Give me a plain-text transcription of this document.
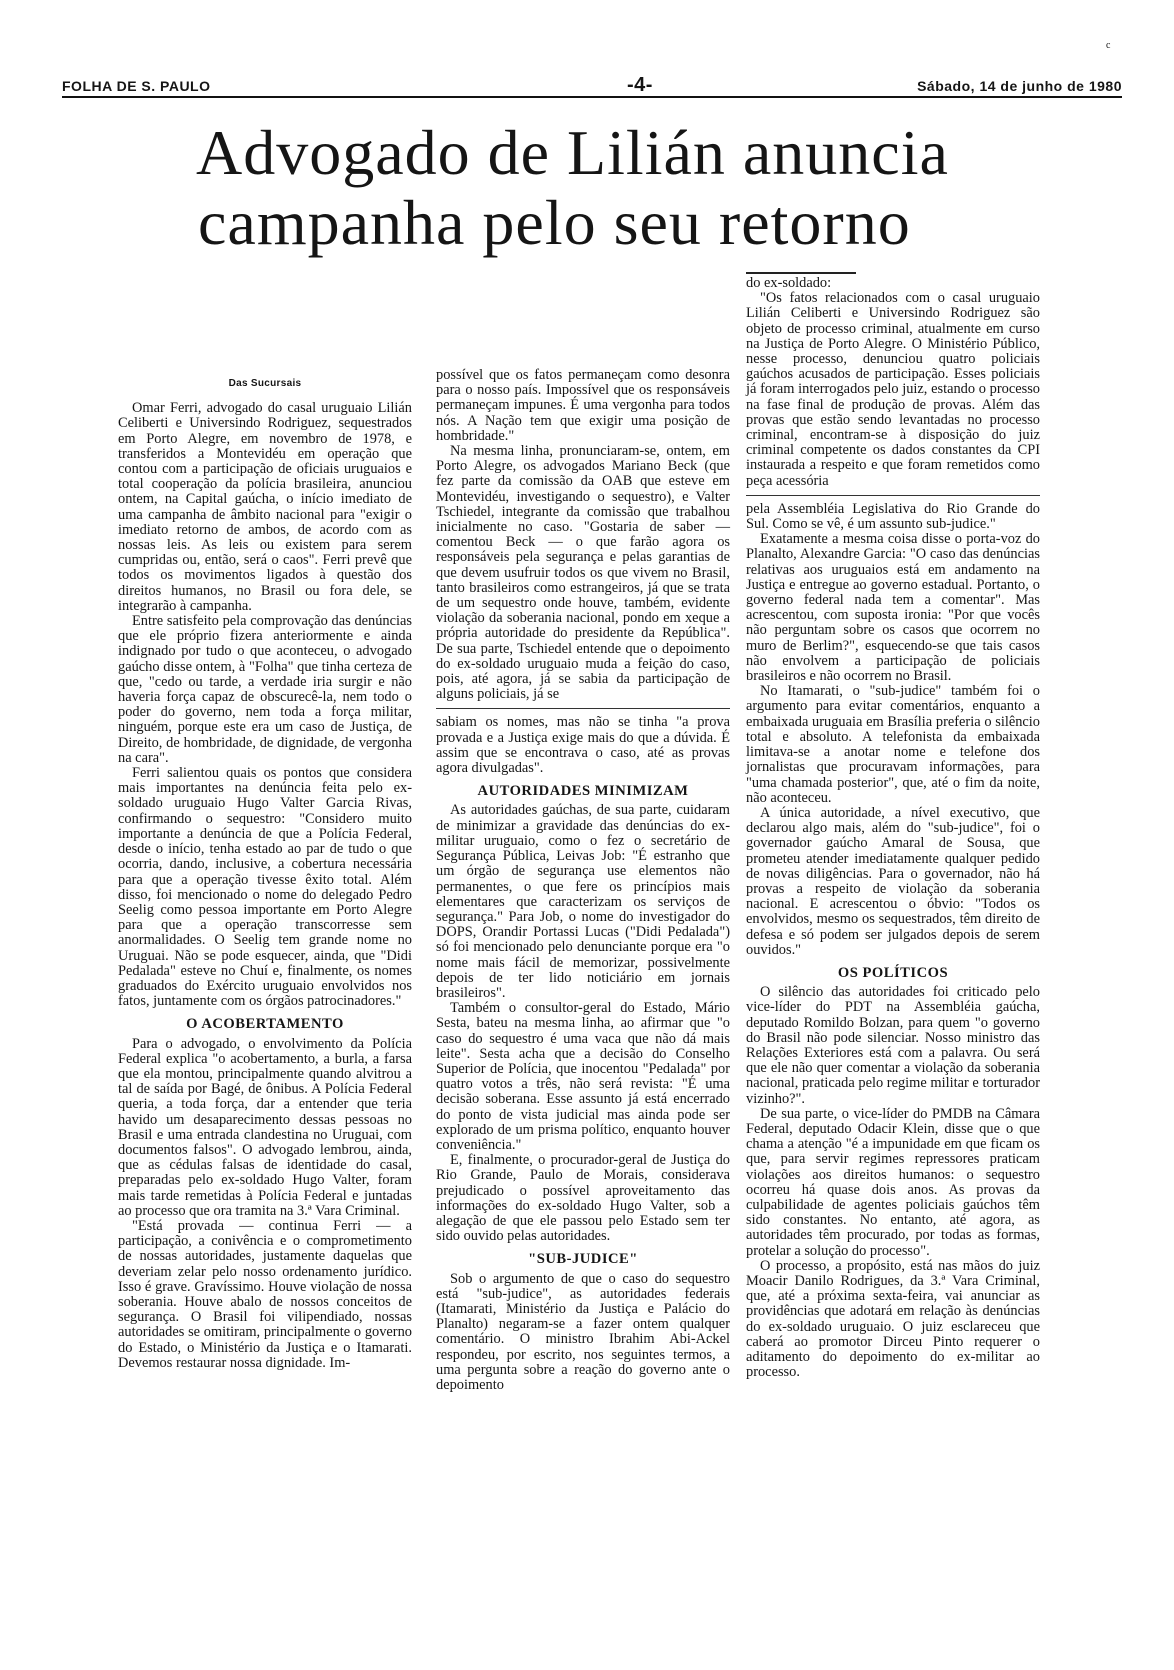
c
FOLHA DE S. PAULO	-4-	Sábado, 14 de junho de 1980
Advogado de Lilián anuncia
campanha pelo seu retorno
Das Sucursais

Omar Ferri, advogado do casal uruguaio Lilián Celiberti e Universindo Rodriguez, sequestrados em Porto Alegre, em novembro de 1978, e transferidos a Montevidéu em operação que contou com a participação de oficiais uruguaios e total cooperação da polícia brasileira, anunciou ontem, na Capital gaúcha, o início imediato de uma campanha de âmbito nacional para "exigir o imediato retorno de ambos, de acordo com as nossas leis. As leis ou existem para serem cumpridas ou, então, será o caos". Ferri prevê que todos os movimentos ligados à questão dos direitos humanos, no Brasil ou fora dele, se integrarão à campanha.

Entre satisfeito pela comprovação das denúncias que ele próprio fizera anteriormente e ainda indignado por tudo o que aconteceu, o advogado gaúcho disse ontem, à "Folha" que tinha certeza de que, "cedo ou tarde, a verdade iria surgir e não haveria força capaz de obscurecê-la, nem todo o poder do governo, nem toda a força militar, ninguém, porque este era um caso de Justiça, de Direito, de hombridade, de dignidade, de vergonha na cara".

Ferri salientou quais os pontos que considera mais importantes na denúncia feita pelo ex-soldado uruguaio Hugo Valter Garcia Rivas, confirmando o sequestro: "Considero muito importante a denúncia de que a Polícia Federal, desde o início, tenha estado ao par de tudo o que ocorria, dando, inclusive, a cobertura necessária para que a operação tivesse êxito total. Além disso, foi mencionado o nome do delegado Pedro Seelig como pessoa importante em Porto Alegre para que a operação transcorresse sem anormalidades. O Seelig tem grande nome no Uruguai. Não se pode esquecer, ainda, que "Didi Pedalada" esteve no Chuí e, finalmente, os nomes graduados do Exército uruguaio envolvidos nos fatos, juntamente com os órgãos patrocinadores."

O ACOBERTAMENTO

Para o advogado, o envolvimento da Polícia Federal explica "o acobertamento, a burla, a farsa que ela montou, principalmente quando alvitrou a tal de saída por Bagé, de ônibus. A Polícia Federal queria, a toda força, dar a entender que teria havido um desaparecimento dessas pessoas no Brasil e uma entrada clandestina no Uruguai, com documentos falsos". O advogado lembrou, ainda, que as cédulas falsas de identidade do casal, preparadas pelo ex-soldado Hugo Valter, foram mais tarde remetidas à Polícia Federal e juntadas ao processo que ora tramita na 3.ª Vara Criminal.

"Está provada — continua Ferri — a participação, a conivência e o comprometimento de nossas autoridades, justamente daquelas que deveriam zelar pelo nosso ordenamento jurídico. Isso é grave. Gravíssimo. Houve violação de nossa soberania. Houve abalo de nossos conceitos de segurança. O Brasil foi vilipendiado, nossas autoridades se omitiram, principalmente o governo do Estado, o Ministério da Justiça e o Itamarati. Devemos restaurar nossa dignidade. Im-

possível que os fatos permaneçam como desonra para o nosso país. Impossível que os responsáveis permaneçam impunes. É uma vergonha para todos nós. A Nação tem que exigir uma posição de hombridade."

Na mesma linha, pronunciaram-se, ontem, em Porto Alegre, os advogados Mariano Beck (que fez parte da comissão da OAB que esteve em Montevidéu, investigando o sequestro), e Valter Tschiedel, integrante da comissão que trabalhou inicialmente no caso. "Gostaria de saber — comentou Beck — o que farão agora os responsáveis pela segurança e pelas garantias de que devem usufruir todos os que vivem no Brasil, tanto brasileiros como estrangeiros, já que se trata de um sequestro onde houve, também, evidente violação da soberania nacional, pondo em xeque a própria autoridade do presidente da República". De sua parte, Tschiedel entende que o depoimento do ex-soldado uruguaio muda a feição do caso, pois, até agora, já se sabia da participação de alguns policiais, já se

sabiam os nomes, mas não se tinha "a prova provada e a Justiça exige mais do que a dúvida. É assim que se encontrava o caso, até as provas agora divulgadas".

AUTORIDADES MINIMIZAM

As autoridades gaúchas, de sua parte, cuidaram de minimizar a gravidade das denúncias do ex-militar uruguaio, como o fez o secretário de Segurança Pública, Leivas Job: "É estranho que um órgão de segurança use elementos não permanentes, o que fere os princípios mais elementares que caracterizam os serviços de segurança." Para Job, o nome do investigador do DOPS, Orandir Portassi Lucas ("Didi Pedalada") só foi mencionado pelo denunciante porque era "o nome mais fácil de memorizar, possivelmente depois de ter lido noticiário em jornais brasileiros".

Também o consultor-geral do Estado, Mário Sesta, bateu na mesma linha, ao afirmar que "o caso do sequestro é uma vaca que não dá mais leite". Sesta acha que a decisão do Conselho Superior de Polícia, que inocentou "Pedalada" por quatro votos a três, não será revista: "É uma decisão soberana. Esse assunto já está encerrado do ponto de vista judicial mas ainda pode ser explorado de um prisma político, enquanto houver conveniência."

E, finalmente, o procurador-geral de Justiça do Rio Grande, Paulo de Morais, considerava prejudicado o possível aproveitamento das informações do ex-soldado Hugo Valter, sob a alegação de que ele passou pelo Estado sem ter sido ouvido pelas autoridades.

"SUB-JUDICE"

Sob o argumento de que o caso do sequestro está "sub-judice", as autoridades federais (Itamarati, Ministério da Justiça e Palácio do Planalto) negaram-se a fazer ontem qualquer comentário. O ministro Ibrahim Abi-Ackel respondeu, por escrito, nos seguintes termos, a uma pergunta sobre a reação do governo ante o depoimento

do ex-soldado:

"Os fatos relacionados com o casal uruguaio Lilián Celiberti e Universindo Rodriguez são objeto de processo criminal, atualmente em curso na Justiça de Porto Alegre. O Ministério Público, nesse processo, denunciou quatro policiais gaúchos acusados de participação. Esses policiais já foram interrogados pelo juiz, estando o processo na fase final de produção de provas. Além das provas que estão sendo levantadas no processo criminal, encontram-se à disposição do juiz criminal competente os dados constantes da CPI instaurada a respeito e que foram remetidos como peça acessória

pela Assembléia Legislativa do Rio Grande do Sul. Como se vê, é um assunto sub-judice."

Exatamente a mesma coisa disse o porta-voz do Planalto, Alexandre Garcia: "O caso das denúncias relativas aos uruguaios está em andamento na Justiça e entregue ao governo estadual. Portanto, o governo federal nada tem a comentar". Mas acrescentou, com suposta ironia: "Por que vocês não perguntam sobre os casos que ocorrem no muro de Berlim?", esquecendo-se que tais casos não envolvem a participação de policiais brasileiros e não ocorrem no Brasil.

No Itamarati, o "sub-judice" também foi o argumento para evitar comentários, enquanto a embaixada uruguaia em Brasília preferia o silêncio total e absoluto. A telefonista da embaixada limitava-se a anotar nome e telefone dos jornalistas que procuravam informações, para "uma chamada posterior", que, até o fim da noite, não aconteceu.

A única autoridade, a nível executivo, que declarou algo mais, além do "sub-judice", foi o governador gaúcho Amaral de Sousa, que prometeu atender imediatamente qualquer pedido de novas diligências. Para o governador, não há provas a respeito de violação da soberania nacional. E acrescentou o óbvio: "Todos os envolvidos, mesmo os sequestrados, têm direito de defesa e só podem ser julgados depois de serem ouvidos."

OS POLÍTICOS

O silêncio das autoridades foi criticado pelo vice-líder do PDT na Assembléia gaúcha, deputado Romildo Bolzan, para quem "o governo do Brasil não pode silenciar. Nosso ministro das Relações Exteriores está com a palavra. Ou será que ele não quer comentar a violação da soberania nacional, praticada pelo regime militar e torturador vizinho?".

De sua parte, o vice-líder do PMDB na Câmara Federal, deputado Odacir Klein, disse que o que chama a atenção "é a impunidade em que ficam os que, para servir regimes repressores praticam violações aos direitos humanos: o sequestro ocorreu há quase dois anos. As provas da culpabilidade de agentes policiais gaúchos têm sido constantes. No entanto, até agora, as autoridades têm procurado, por todas as formas, protelar a solução do processo".

O processo, a propósito, está nas mãos do juiz Moacir Danilo Rodrigues, da 3.ª Vara Criminal, que, até a próxima sexta-feira, vai anunciar as providências que adotará em relação às denúncias do ex-soldado uruguaio. O juiz esclareceu que caberá ao promotor Dirceu Pinto requerer o aditamento do depoimento do ex-militar ao processo.
